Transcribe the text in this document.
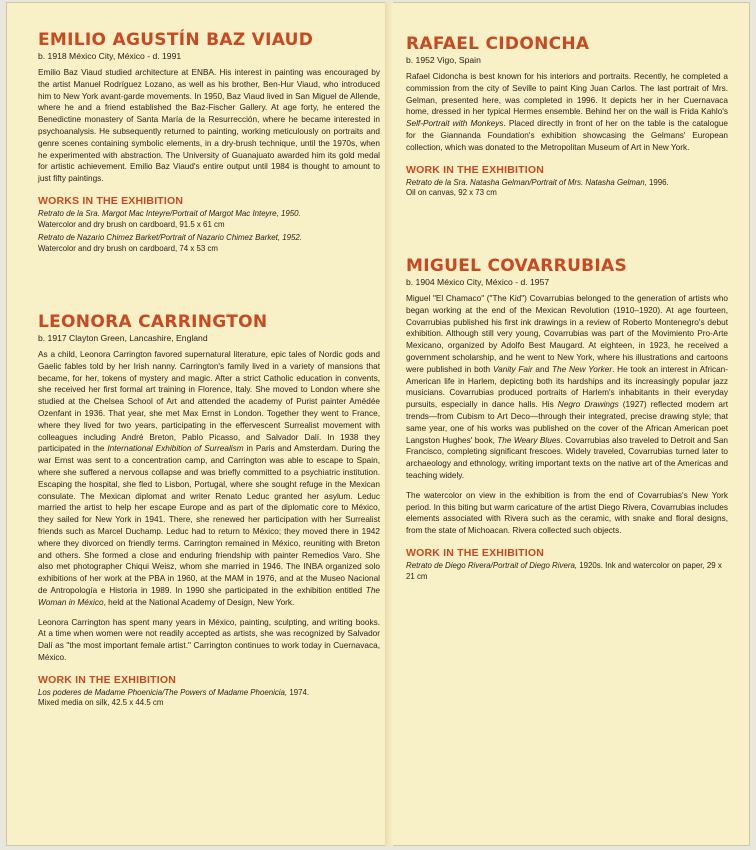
EMILIO AGUSTÍN BAZ VIAUD
b. 1918 México City, México - d. 1991

Emilio Baz Viaud studied architecture at ENBA. His interest in painting was encouraged by the artist Manuel Rodríguez Lozano, as well as his brother, Ben-Hur Viaud, who introduced him to New York avant-garde movements. In 1950, Baz Viaud lived in San Miguel de Allende, where he and a friend established the Baz-Fischer Gallery. At age forty, he entered the Benedictine monastery of Santa María de la Resurrección, where he became interested in psychoanalysis. He subsequently returned to painting, working meticulously on portraits and genre scenes containing symbolic elements, in a dry-brush technique, until the 1970s, when he experimented with abstraction. The University of Guanajuato awarded him its gold medal for artistic achievement. Emilio Baz Viaud's entire output until 1984 is thought to amount to just fifty paintings.

WORKS IN THE EXHIBITION
Retrato de la Sra. Margot Mac Inteyre/Portrait of Margot Mac Inteyre, 1950.
Watercolor and dry brush on cardboard, 91.5 x 61 cm
Retrato de Nazario Chimez Barket/Portrait of Nazario Chimez Barket, 1952.
Watercolor and dry brush on cardboard, 74 x 53 cm
LEONORA CARRINGTON
b. 1917 Clayton Green, Lancashire, England

As a child, Leonora Carrington favored supernatural literature, epic tales of Nordic gods and Gaelic fables told by her Irish nanny. Carrington's family lived in a variety of mansions that became, for her, tokens of mystery and magic. After a strict Catholic education in convents, she received her first formal art training in Florence, Italy. She moved to London where she studied at the Chelsea School of Art and attended the academy of Purist painter Amédée Ozenfant in 1936. That year, she met Max Ernst in London. Together they went to France, where they lived for two years, participating in the effervescent Surrealist movement with colleagues including André Breton, Pablo Picasso, and Salvador Dalí. In 1938 they participated in the International Exhibition of Surrealism in Paris and Amsterdam. During the war Ernst was sent to a concentration camp, and Carrington was able to escape to Spain, where she suffered a nervous collapse and was briefly committed to a psychiatric institution. Escaping the hospital, she fled to Lisbon, Portugal, where she sought refuge in the Mexican consulate. The Mexican diplomat and writer Renato Leduc granted her asylum. Leduc married the artist to help her escape Europe and as part of the diplomatic core to México, they sailed for New York in 1941. There, she renewed her participation with her Surrealist friends such as Marcel Duchamp. Leduc had to return to México; they moved there in 1942 where they divorced on friendly terms. Carrington remained in México, reuniting with Breton and others. She formed a close and enduring friendship with painter Remedios Varo. She also met photographer Chiqui Weisz, whom she married in 1946. The INBA organized solo exhibitions of her work at the PBA in 1960, at the MAM in 1976, and at the Museo Nacional de Antropología e Historia in 1989. In 1990 she participated in the exhibition entitled The Woman in México, held at the National Academy of Design, New York.

Leonora Carrington has spent many years in México, painting, sculpting, and writing books. At a time when women were not readily accepted as artists, she was recognized by Salvador Dalí as "the most important female artist." Carrington continues to work today in Cuernavaca, México.

WORK IN THE EXHIBITION
Los poderes de Madame Phoenicia/The Powers of Madame Phoenicia, 1974.
Mixed media on silk, 42.5 x 44.5 cm
RAFAEL CIDONCHA
b. 1952 Vigo, Spain

Rafael Cidoncha is best known for his interiors and portraits. Recently, he completed a commission from the city of Seville to paint King Juan Carlos. The last portrait of Mrs. Gelman, presented here, was completed in 1996. It depicts her in her Cuernavaca home, dressed in her typical Hermes ensemble. Behind her on the wall is Frida Kahlo's Self-Portrait with Monkeys. Placed directly in front of her on the table is the catalogue for the Giannanda Foundation's exhibition showcasing the Gelmans' European collection, which was donated to the Metropolitan Museum of Art in New York.

WORK IN THE EXHIBITION
Retrato de la Sra. Natasha Gelman/Portrait of Mrs. Natasha Gelman, 1996.
Oil on canvas, 92 x 73 cm
MIGUEL COVARRUBIAS
b. 1904 México City, México - d. 1957

Miguel "El Chamaco" ("The Kid") Covarrubias belonged to the generation of artists who began working at the end of the Mexican Revolution (1910–1920). At age fourteen, Covarrubias published his first ink drawings in a review of Roberto Montenegro's debut exhibition. Although still very young, Covarrubias was part of the Movimiento Pro-Arte Mexicano, organized by Adolfo Best Maugard. At eighteen, in 1923, he received a government scholarship, and he went to New York, where his illustrations and cartoons were published in both Vanity Fair and The New Yorker. He took an interest in African-American life in Harlem, depicting both its hardships and its increasingly popular jazz musicians. Covarrubias produced portraits of Harlem's inhabitants in their everyday pursuits, especially in dance halls. His Negro Drawings (1927) reflected modern art trends—from Cubism to Art Deco—through their integrated, precise drawing style; that same year, one of his works was published on the cover of the African American poet Langston Hughes' book, The Weary Blues. Covarrubias also traveled to Detroit and San Francisco, completing significant frescoes. Widely traveled, Covarrubias turned later to archaeology and ethnology, writing important texts on the native art of the Americas and teaching widely.

The watercolor on view in the exhibition is from the end of Covarrubias's New York period. In this biting but warm caricature of the artist Diego Rivera, Covarrubias includes elements associated with Rivera such as the ceramic, with snake and floral designs, from the state of Michoacan. Rivera collected such objects.

WORK IN THE EXHIBITION
Retrato de Diego Rivera/Portrait of Diego Rivera, 1920s. Ink and watercolor on paper, 29 x 21 cm
